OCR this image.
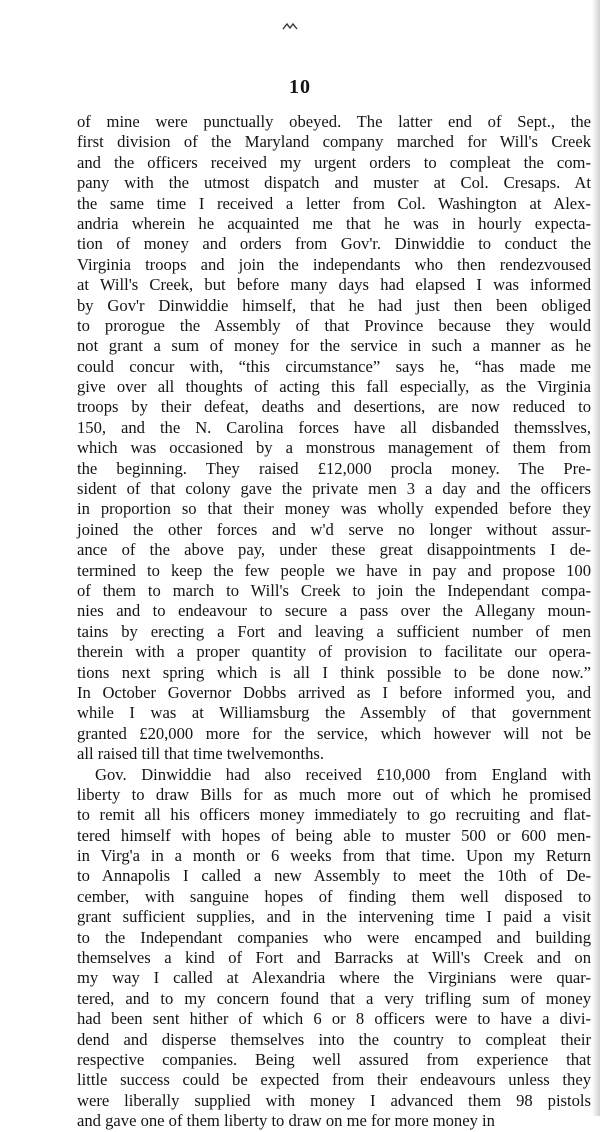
10
of mine were punctually obeyed. The latter end of Sept., the
first division of the Maryland company marched for Will's Creek
and the officers received my urgent orders to compleat the com-
pany with the utmost dispatch and muster at Col. Cresaps. At
the same time I received a letter from Col. Washington at Alex-
andria wherein he acquainted me that he was in hourly expecta-
tion of money and orders from Gov'r. Dinwiddie to conduct the
Virginia troops and join the independants who then rendezvoused
at Will's Creek, but before many days had elapsed I was informed
by Gov'r Dinwiddie himself, that he had just then been obliged
to prorogue the Assembly of that Province because they would
not grant a sum of money for the service in such a manner as he
could concur with, “this circumstance” says he, “has made me
give over all thoughts of acting this fall especially, as the Virginia
troops by their defeat, deaths and desertions, are now reduced to
150, and the N. Carolina forces have all disbanded themsslves,
which was occasioned by a monstrous management of them from
the beginning. They raised £12,000 procla money. The Pre-
sident of that colony gave the private men 3 a day and the officers
in proportion so that their money was wholly expended before they
joined the other forces and w'd serve no longer without assur-
ance of the above pay, under these great disappointments I de-
termined to keep the few people we have in pay and propose 100
of them to march to Will's Creek to join the Independant compa-
nies and to endeavour to secure a pass over the Allegany moun-
tains by erecting a Fort and leaving a sufficient number of men
therein with a proper quantity of provision to facilitate our opera-
tions next spring which is all I think possible to be done now.”
In October Governor Dobbs arrived as I before informed you, and
while I was at Williamsburg the Assembly of that government
granted £20,000 more for the service, which however will not be
all raised till that time twelvemonths.
Gov. Dinwiddie had also received £10,000 from England with
liberty to draw Bills for as much more out of which he promised
to remit all his officers money immediately to go recruiting and flat-
tered himself with hopes of being able to muster 500 or 600 men-
in Virg'a in a month or 6 weeks from that time. Upon my Return
to Annapolis I called a new Assembly to meet the 10th of De-
cember, with sanguine hopes of finding them well disposed to
grant sufficient supplies, and in the intervening time I paid a visit
to the Independant companies who were encamped and building
themselves a kind of Fort and Barracks at Will's Creek and on
my way I called at Alexandria where the Virginians were quar-
tered, and to my concern found that a very trifling sum of money
had been sent hither of which 6 or 8 officers were to have a divi-
dend and disperse themselves into the country to compleat their
respective companies. Being well assured from experience that
little success could be expected from their endeavours unless they
were liberally supplied with money I advanced them 98 pistols
and gave one of them liberty to draw on me for more money in
